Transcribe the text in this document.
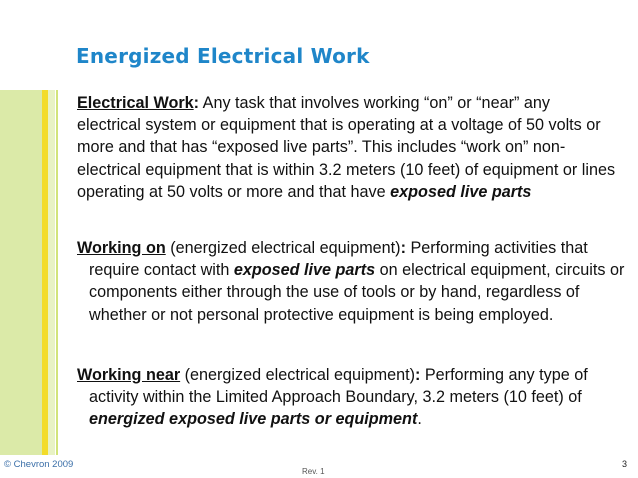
Energized Electrical Work
Electrical Work: Any task that involves working “on” or “near” any electrical system or equipment that is operating at a voltage of 50 volts or more and that has “exposed live parts”. This includes “work on” non-electrical equipment that is within 3.2 meters (10 feet) of equipment or lines operating at 50 volts or more and that have exposed live parts
Working on (energized electrical equipment): Performing activities that require contact with exposed live parts on electrical equipment, circuits or components either through the use of tools or by hand, regardless of whether or not personal protective equipment is being employed.
Working near (energized electrical equipment): Performing any type of activity within the Limited Approach Boundary, 3.2 meters (10 feet) of energized exposed live parts or equipment.
© Chevron 2009
Rev. 1
3
